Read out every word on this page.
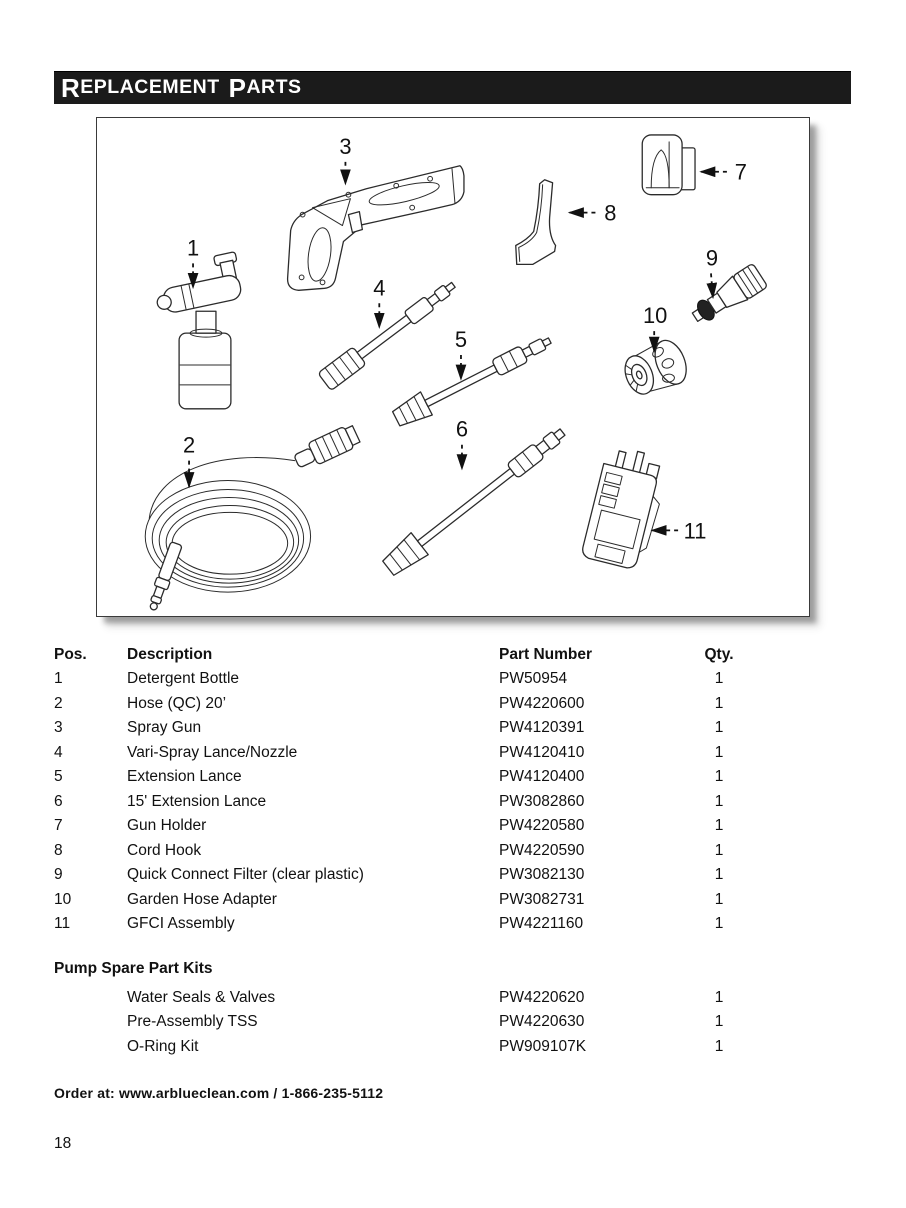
R EPLACEMENT P ARTS
1
2
3
4
5
6
7
8
9
10
11
Pos.	Description	Part Number	Qty.
1	Detergent Bottle	PW50954	1
2	Hose (QC) 20’	PW4220600	1
3	Spray Gun	PW4120391	1
4	Vari-Spray Lance/Nozzle	PW4120410	1
5	Extension Lance	PW4120400	1
6	15' Extension Lance	PW3082860	1
7	Gun Holder	PW4220580	1
8	Cord Hook	PW4220590	1
9	Quick Connect Filter (clear plastic)	PW3082130	1
10	Garden Hose Adapter	PW3082731	1
11	GFCI Assembly	PW4221160	1
Pump Spare Part Kits
Water Seals & Valves	PW4220620	1
Pre-Assembly TSS	PW4220630	1
O-Ring Kit	PW909107K	1
Order at: www.arblueclean.com / 1-866-235-5112
18
